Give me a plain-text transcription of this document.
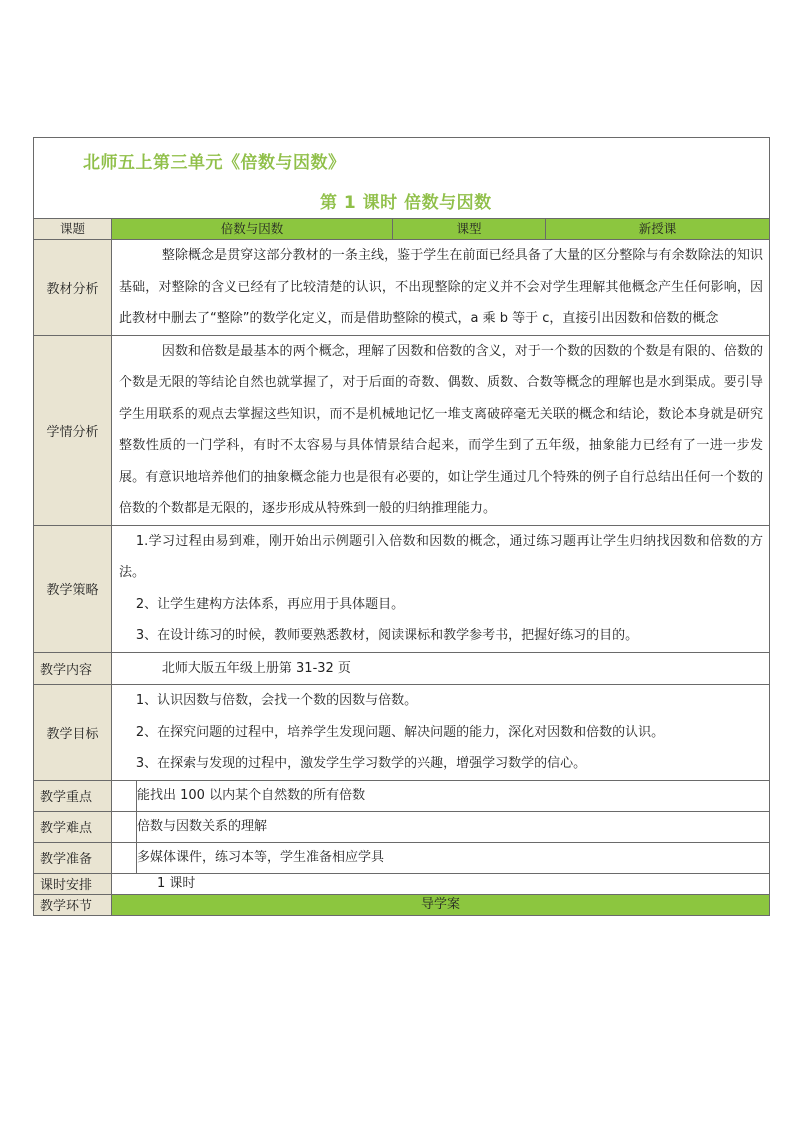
北师五上第三单元《倍数与因数》
第 1 课时 倍数与因数				

课题	倍数与因数		课型	新授课
教材分析	整除概念是贯穿这部分教材的一条主线，鉴于学生在前面已经具备了大量的区分整除与有余数除法的知识基础，对整除的含义已经有了比较清楚的认识，不出现整除的定义并不会对学生理解其他概念产生任何影响，因此教材中删去了“整除”的数学化定义，而是借助整除的模式，a 乘 b 等于 c，直接引出因数和倍数的概念			

学情分析	因数和倍数是最基本的两个概念，理解了因数和倍数的含义，对于一个数的因数的个数是有限的、倍数的个数是无限的等结论自然也就掌握了，对于后面的奇数、偶数、质数、合数等概念的理解也是水到渠成。要引导学生用联系的观点去掌握这些知识，而不是机械地记忆一堆支离破碎毫无关联的概念和结论，数论本身就是研究整数性质的一门学科，有时不太容易与具体情景结合起来，而学生到了五年级，抽象能力已经有了一进一步发展。有意识地培养他们的抽象概念能力也是很有必要的，如让学生通过几个特殊的例子自行总结出任何一个数的倍数的个数都是无限的，逐步形成从特殊到一般的归纳推理能力。			

教学策略	1.学习过程由易到难，刚开始出示例题引入倍数和因数的概念，通过练习题再让学生归纳找因数和倍数的方法。

2、让学生建构方法体系，再应用于具体题目。

3、在设计练习的时候，教师要熟悉教材，阅读课标和教学参考书，把握好练习的目的。			

教学内容	北师大版五年级上册第 31-32 页			

教学目标	1、认识因数与倍数，会找一个数的因数与倍数。

2、在探究问题的过程中，培养学生发现问题、解决问题的能力，深化对因数和倍数的认识。

3、在探索与发现的过程中，激发学生学习数学的兴趣，增强学习数学的信心。			

教学重点		能找出 100 以内某个自然数的所有倍数		
教学难点		倍数与因数关系的理解		
教学准备		多媒体课件，练习本等，学生准备相应学具		
课时安排	1 课时			
教学环节	导学案			
